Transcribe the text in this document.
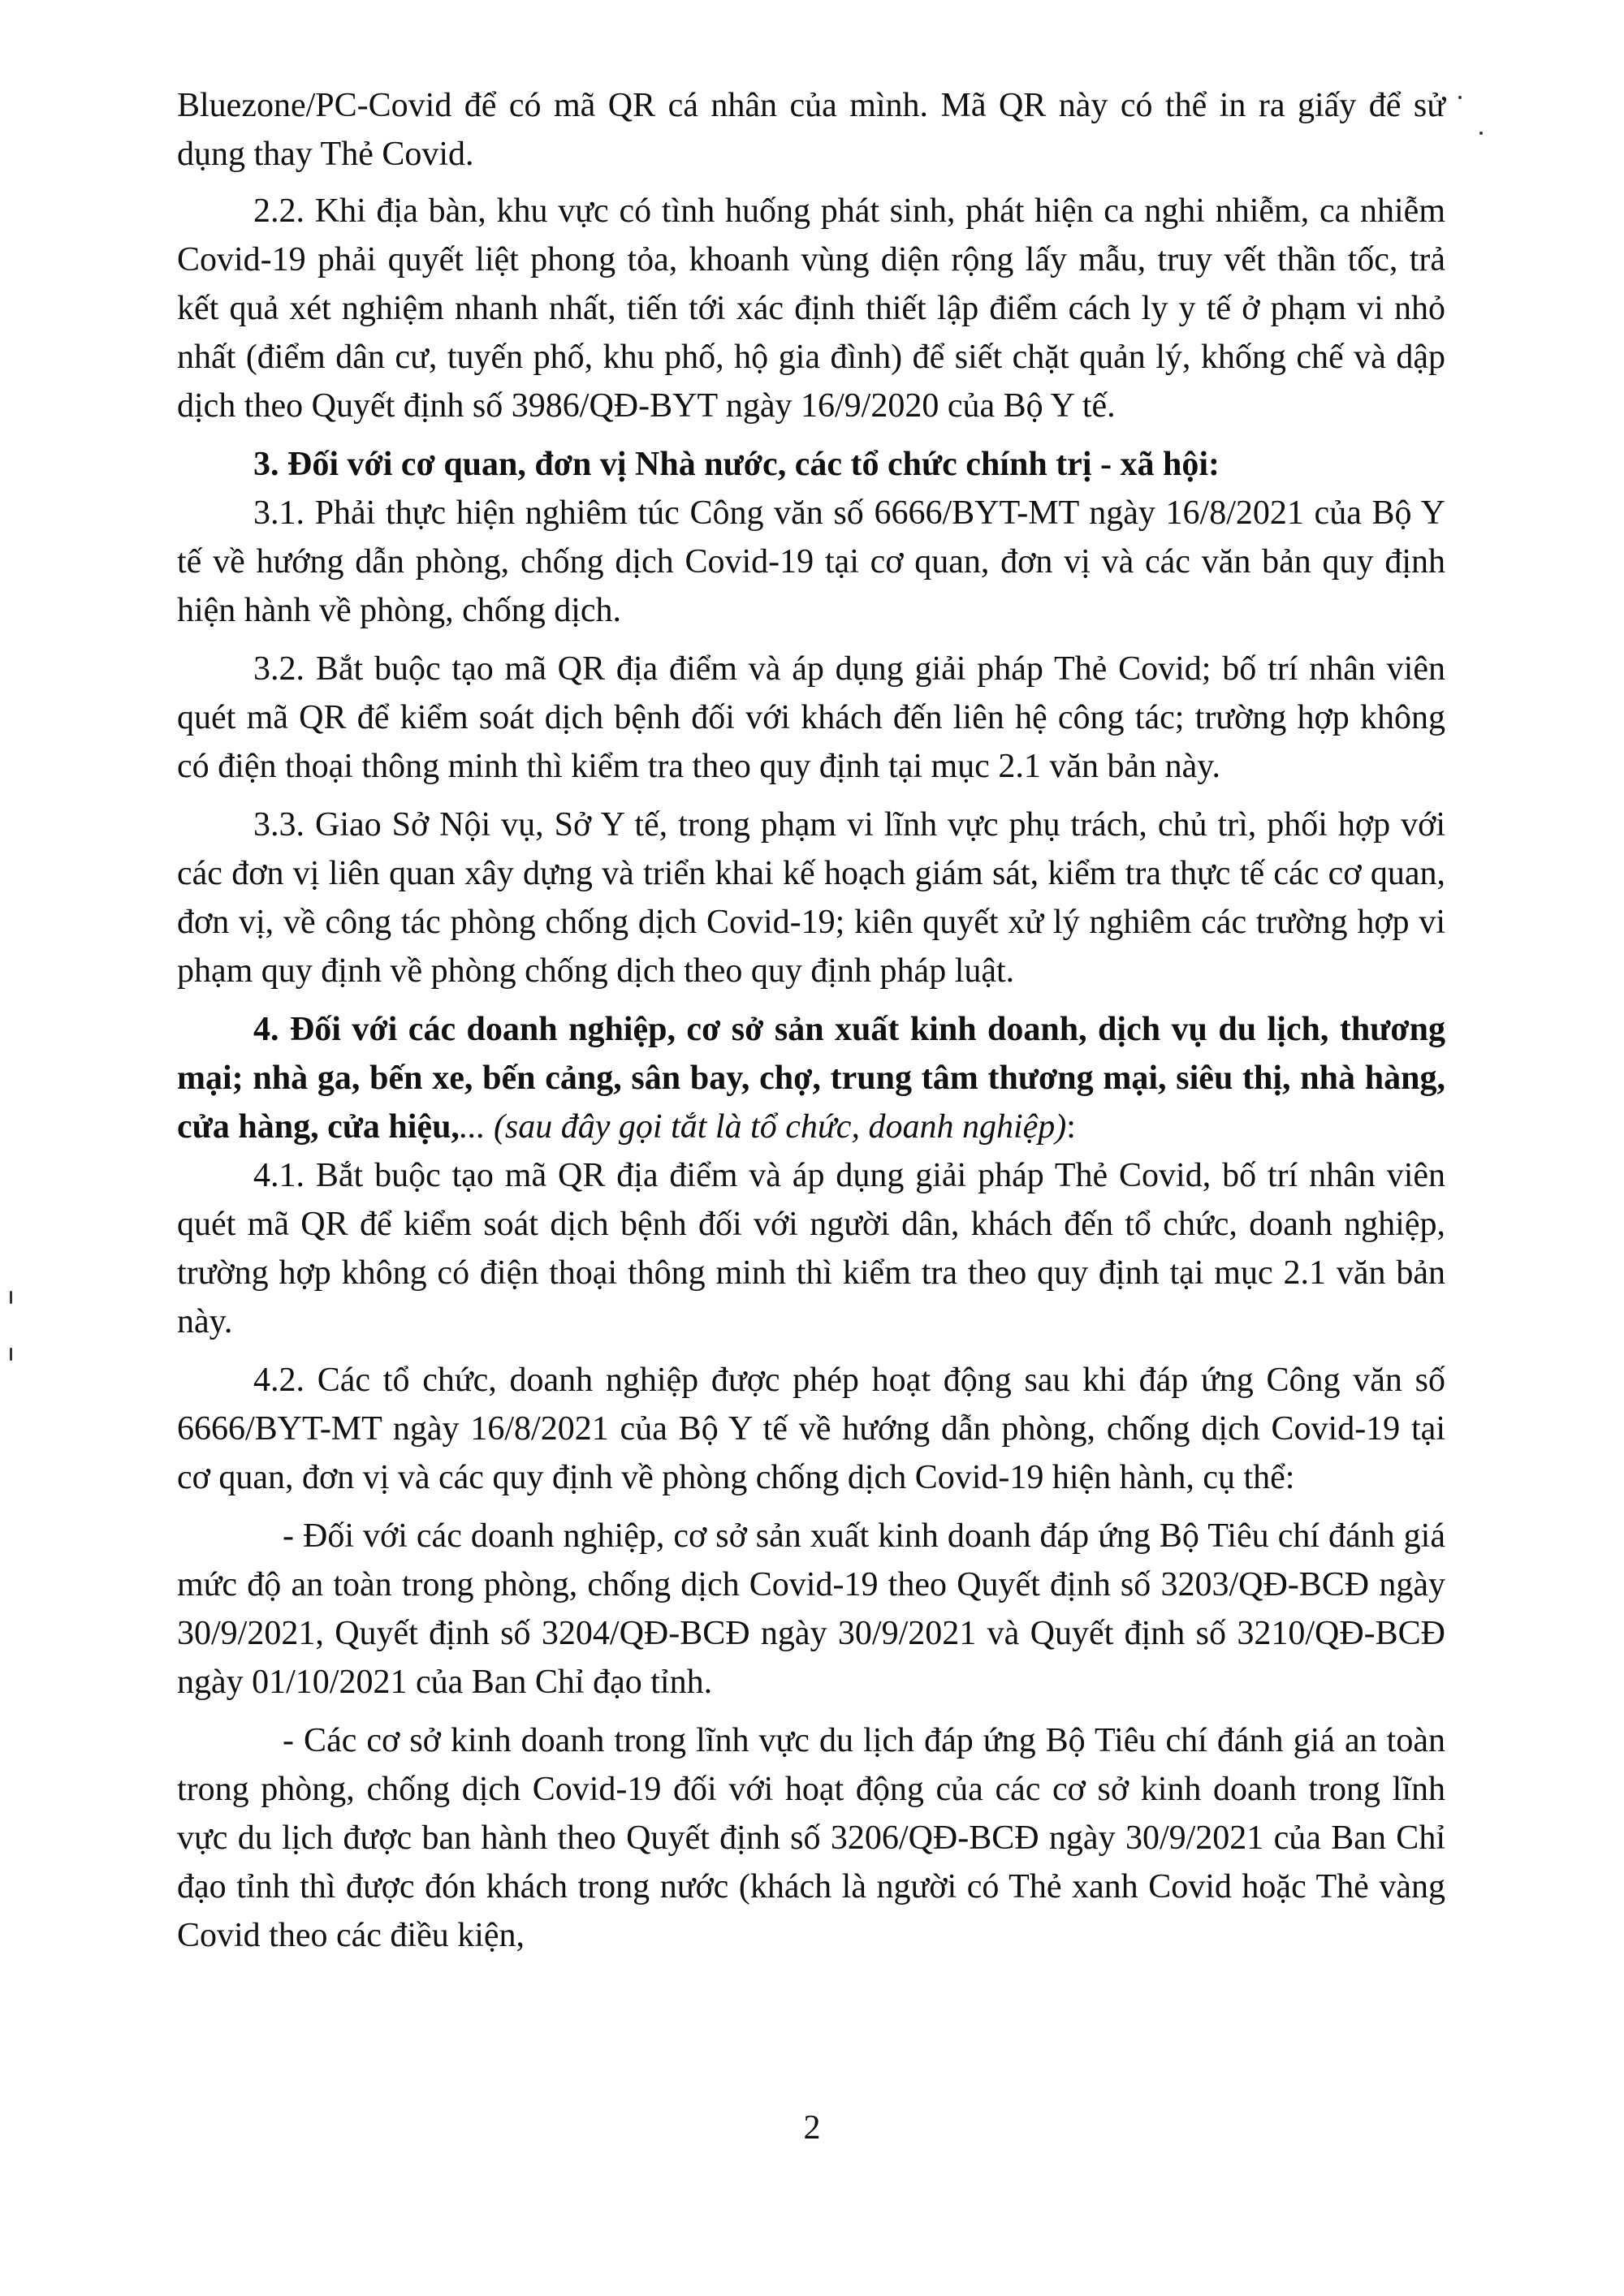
Bluezone/PC-Covid để có mã QR cá nhân của mình. Mã QR này có thể in ra giấy để sử dụng thay Thẻ Covid.

2.2. Khi địa bàn, khu vực có tình huống phát sinh, phát hiện ca nghi nhiễm, ca nhiễm Covid-19 phải quyết liệt phong tỏa, khoanh vùng diện rộng lấy mẫu, truy vết thần tốc, trả kết quả xét nghiệm nhanh nhất, tiến tới xác định thiết lập điểm cách ly y tế ở phạm vi nhỏ nhất (điểm dân cư, tuyến phố, khu phố, hộ gia đình) để siết chặt quản lý, khống chế và dập dịch theo Quyết định số 3986/QĐ-BYT ngày 16/9/2020 của Bộ Y tế.

3. Đối với cơ quan, đơn vị Nhà nước, các tổ chức chính trị - xã hội:

3.1. Phải thực hiện nghiêm túc Công văn số 6666/BYT-MT ngày 16/8/2021 của Bộ Y tế về hướng dẫn phòng, chống dịch Covid-19 tại cơ quan, đơn vị và các văn bản quy định hiện hành về phòng, chống dịch.

3.2. Bắt buộc tạo mã QR địa điểm và áp dụng giải pháp Thẻ Covid; bố trí nhân viên quét mã QR để kiểm soát dịch bệnh đối với khách đến liên hệ công tác; trường hợp không có điện thoại thông minh thì kiểm tra theo quy định tại mục 2.1 văn bản này.

3.3. Giao Sở Nội vụ, Sở Y tế, trong phạm vi lĩnh vực phụ trách, chủ trì, phối hợp với các đơn vị liên quan xây dựng và triển khai kế hoạch giám sát, kiểm tra thực tế các cơ quan, đơn vị, về công tác phòng chống dịch Covid-19; kiên quyết xử lý nghiêm các trường hợp vi phạm quy định về phòng chống dịch theo quy định pháp luật.

4. Đối với các doanh nghiệp, cơ sở sản xuất kinh doanh, dịch vụ du lịch, thương mại; nhà ga, bến xe, bến cảng, sân bay, chợ, trung tâm thương mại, siêu thị, nhà hàng, cửa hàng, cửa hiệu,... (sau đây gọi tắt là tổ chức, doanh nghiệp):

4.1. Bắt buộc tạo mã QR địa điểm và áp dụng giải pháp Thẻ Covid, bố trí nhân viên quét mã QR để kiểm soát dịch bệnh đối với người dân, khách đến tổ chức, doanh nghiệp, trường hợp không có điện thoại thông minh thì kiểm tra theo quy định tại mục 2.1 văn bản này.

4.2. Các tổ chức, doanh nghiệp được phép hoạt động sau khi đáp ứng Công văn số 6666/BYT-MT ngày 16/8/2021 của Bộ Y tế về hướng dẫn phòng, chống dịch Covid-19 tại cơ quan, đơn vị và các quy định về phòng chống dịch Covid-19 hiện hành, cụ thể:

- Đối với các doanh nghiệp, cơ sở sản xuất kinh doanh đáp ứng Bộ Tiêu chí đánh giá mức độ an toàn trong phòng, chống dịch Covid-19 theo Quyết định số 3203/QĐ-BCĐ ngày 30/9/2021, Quyết định số 3204/QĐ-BCĐ ngày 30/9/2021 và Quyết định số 3210/QĐ-BCĐ ngày 01/10/2021 của Ban Chỉ đạo tỉnh.

- Các cơ sở kinh doanh trong lĩnh vực du lịch đáp ứng Bộ Tiêu chí đánh giá an toàn trong phòng, chống dịch Covid-19 đối với hoạt động của các cơ sở kinh doanh trong lĩnh vực du lịch được ban hành theo Quyết định số 3206/QĐ-BCĐ ngày 30/9/2021 của Ban Chỉ đạo tỉnh thì được đón khách trong nước (khách là người có Thẻ xanh Covid hoặc Thẻ vàng Covid theo các điều kiện,

2
